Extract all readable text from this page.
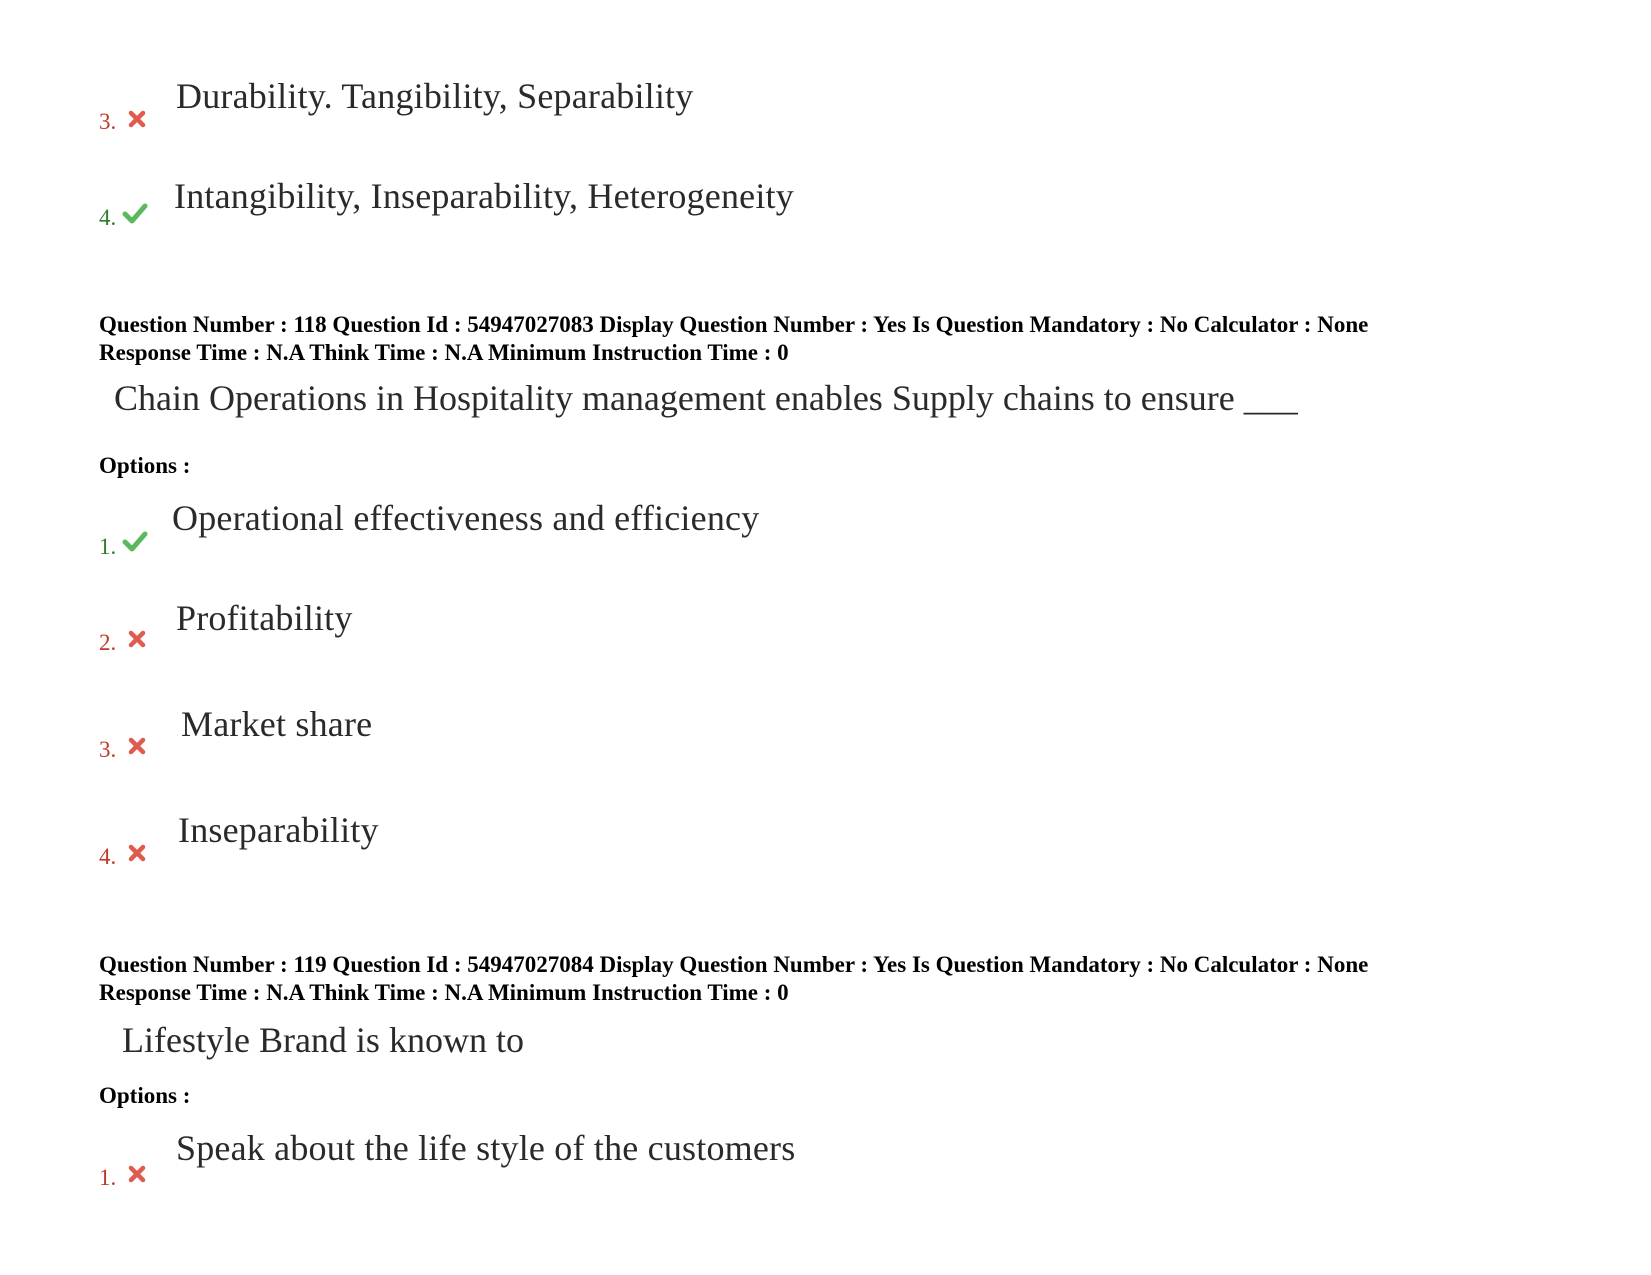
3.
Durability. Tangibility, Separability
4.
Intangibility, Inseparability, Heterogeneity
Question Number : 118 Question Id : 54947027083 Display Question Number : Yes Is Question Mandatory : No Calculator : None
Response Time : N.A Think Time : N.A Minimum Instruction Time : 0
Chain Operations in Hospitality management enables Supply chains to ensure ___
Options :
1.
Operational effectiveness and efficiency
2.
Profitability
3.
Market share
4.
Inseparability
Question Number : 119 Question Id : 54947027084 Display Question Number : Yes Is Question Mandatory : No Calculator : None
Response Time : N.A Think Time : N.A Minimum Instruction Time : 0
Lifestyle Brand is known to
Options :
1.
Speak about the life style of the customers
